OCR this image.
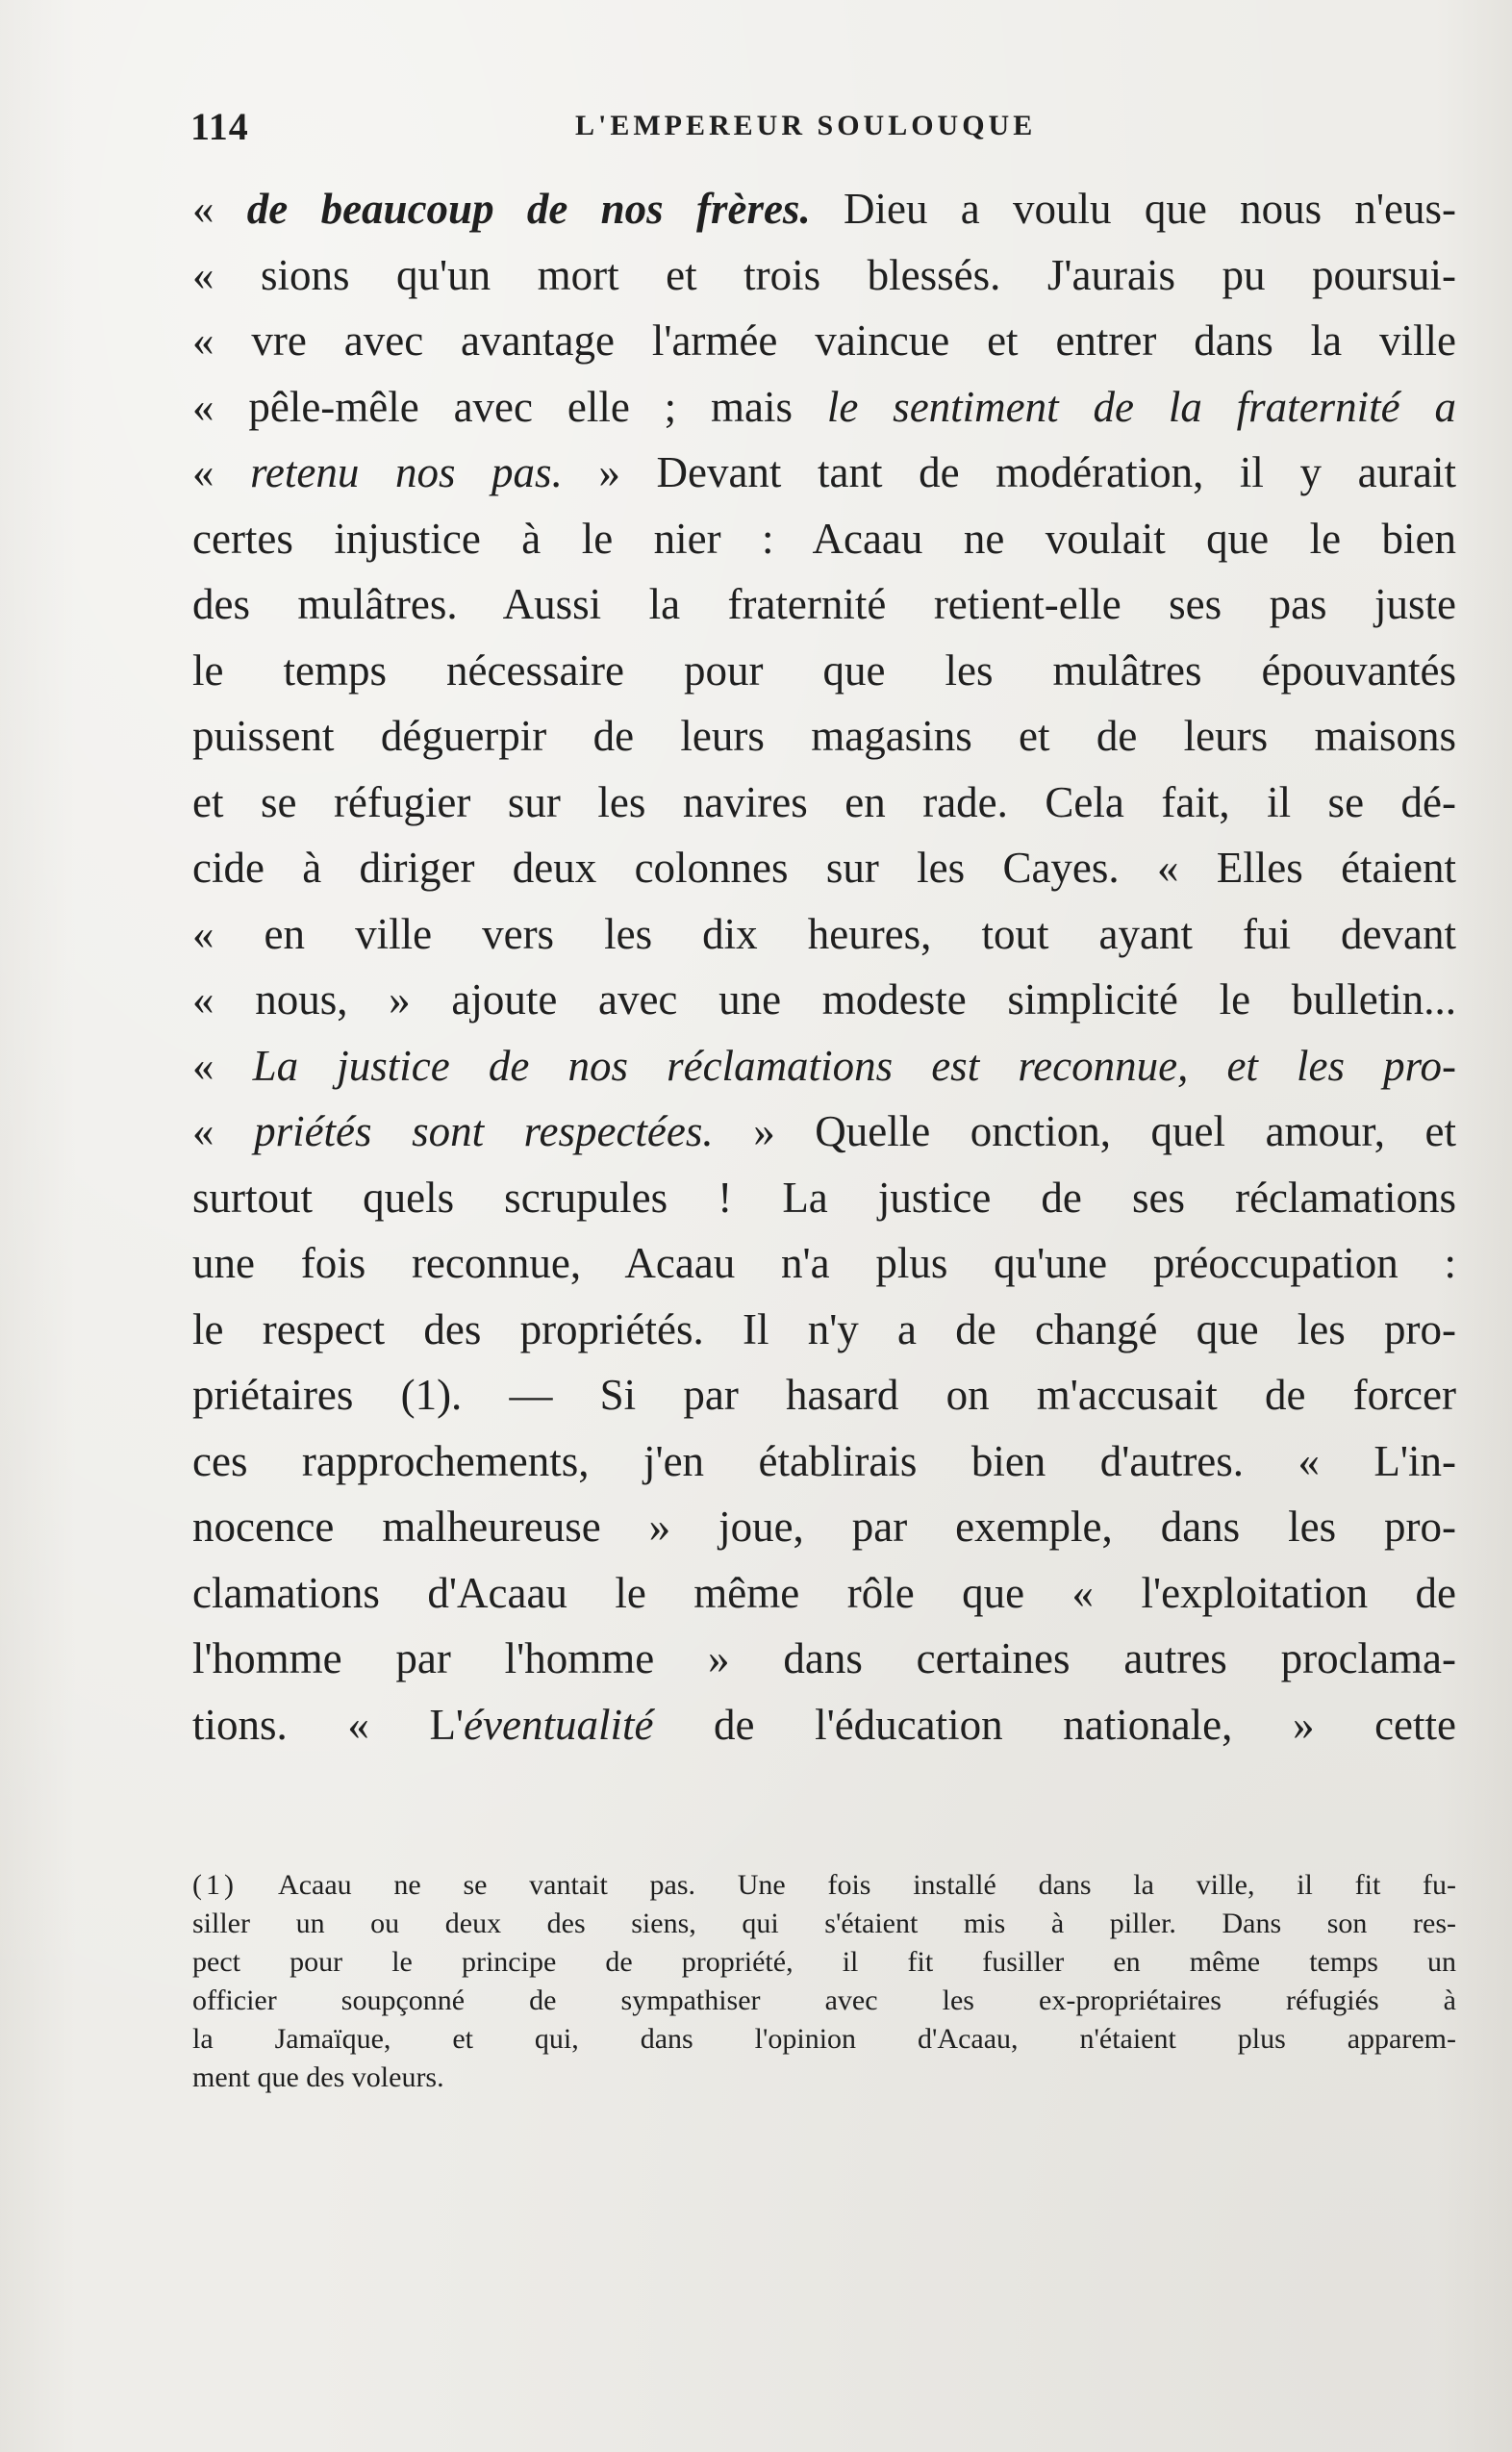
114	L'EMPEREUR SOULOUQUE
« de beaucoup de nos frères. Dieu a voulu que nous n'eus-
« sions qu'un mort et trois blessés. J'aurais pu poursui-
« vre avec avantage l'armée vaincue et entrer dans la ville
« pêle-mêle avec elle ; mais le sentiment de la fraternité a
« retenu nos pas. » Devant tant de modération, il y aurait
certes injustice à le nier : Acaau ne voulait que le bien
des mulâtres. Aussi la fraternité retient-elle ses pas juste
le temps nécessaire pour que les mulâtres épouvantés
puissent déguerpir de leurs magasins et de leurs maisons
et se réfugier sur les navires en rade. Cela fait, il se dé-
cide à diriger deux colonnes sur les Cayes. « Elles étaient
« en ville vers les dix heures, tout ayant fui devant
« nous, » ajoute avec une modeste simplicité le bulletin...
« La justice de nos réclamations est reconnue, et les pro-
« priétés sont respectées. » Quelle onction, quel amour, et
surtout quels scrupules ! La justice de ses réclamations
une fois reconnue, Acaau n'a plus qu'une préoccupation :
le respect des propriétés. Il n'y a de changé que les pro-
priétaires (1). — Si par hasard on m'accusait de forcer
ces rapprochements, j'en établirais bien d'autres. « L'in-
nocence malheureuse » joue, par exemple, dans les pro-
clamations d'Acaau le même rôle que « l'exploitation de
l'homme par l'homme » dans certaines autres proclama-
tions. « L'éventualité de l'éducation nationale, » cette
(1) Acaau ne se vantait pas. Une fois installé dans la ville, il fit fu-
siller un ou deux des siens, qui s'étaient mis à piller. Dans son res-
pect pour le principe de propriété, il fit fusiller en même temps un
officier soupçonné de sympathiser avec les ex-propriétaires réfugiés à
la Jamaïque, et qui, dans l'opinion d'Acaau, n'étaient plus apparem-
ment que des voleurs.
